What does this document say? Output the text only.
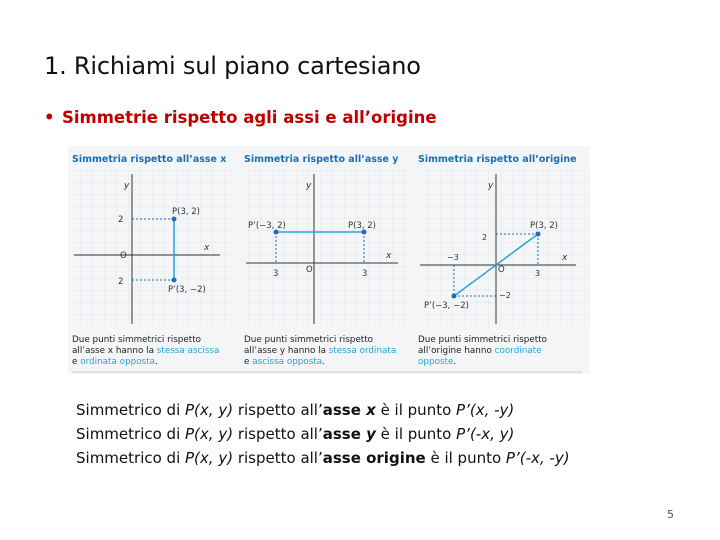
1. Richiami sul piano cartesiano
• Simmetrie rispetto agli assi e all’origine
Simmetria rispetto all’asse x
y
x
O
2
2
P(3, 2)
P’(3, −2)
Due punti simmetrici rispetto
all’asse x hanno la stessa ascissa
e ordinata opposta.
Simmetria rispetto all’asse y
y
x
O
3	3
P’(−3, 2)	P(3, 2)
Due punti simmetrici rispetto
all’asse y hanno la stessa ordinata
e ascissa opposta.
Simmetria rispetto all’origine
y
x
O
P(3, 2)
P’(−3, −2)
2
−2
−3
3
Due punti simmetrici rispetto
all’origine hanno coordinate
opposte.
Simmetrico di P(x, y) rispetto all’asse x è il punto P’(x, -y)
Simmetrico di P(x, y) rispetto all’asse y è il punto P’(-x, y)
Simmetrico di P(x, y) rispetto all’asse origine è il punto P’(-x, -y)
5
